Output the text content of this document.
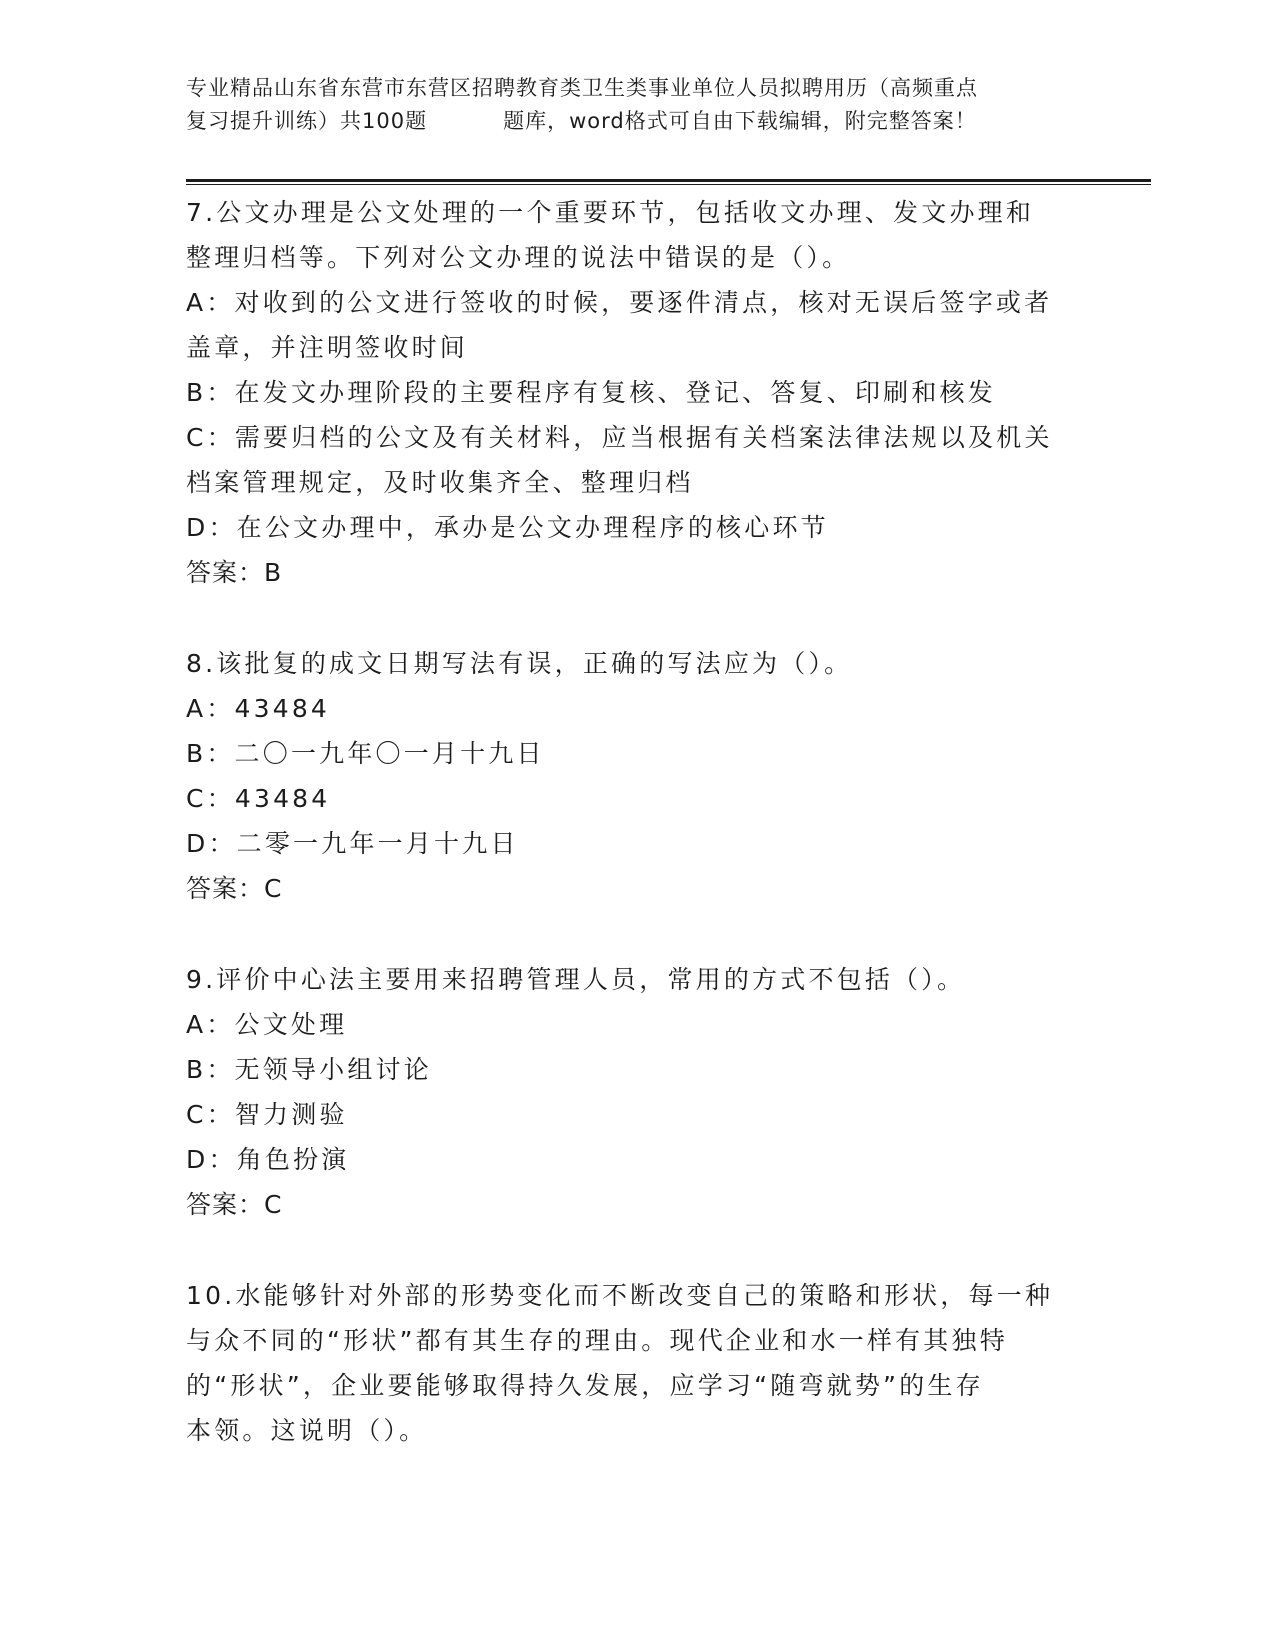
专业精品山东省东营市东营区招聘教育类卫生类事业单位人员拟聘用历（高频重点
复习提升训练）共100题	题库，word格式可自由下载编辑，附完整答案！
7.公文办理是公文处理的一个重要环节，包括收文办理、发文办理和
整理归档等。下列对公文办理的说法中错误的是（）。
A：对收到的公文进行签收的时候，要逐件清点，核对无误后签字或者
盖章，并注明签收时间
B：在发文办理阶段的主要程序有复核、登记、答复、印刷和核发
C：需要归档的公文及有关材料，应当根据有关档案法律法规以及机关
档案管理规定，及时收集齐全、整理归档
D：在公文办理中，承办是公文办理程序的核心环节
答案：B
8.该批复的成文日期写法有误，正确的写法应为（）。
A：43484
B：二〇一九年〇一月十九日
C：43484
D：二零一九年一月十九日
答案：C
9.评价中心法主要用来招聘管理人员，常用的方式不包括（）。
A：公文处理
B：无领导小组讨论
C：智力测验
D：角色扮演
答案：C
10.水能够针对外部的形势变化而不断改变自己的策略和形状，每一种
与众不同的“形状”都有其生存的理由。现代企业和水一样有其独特
的“形状”，企业要能够取得持久发展，应学习“随弯就势”的生存
本领。这说明（）。
